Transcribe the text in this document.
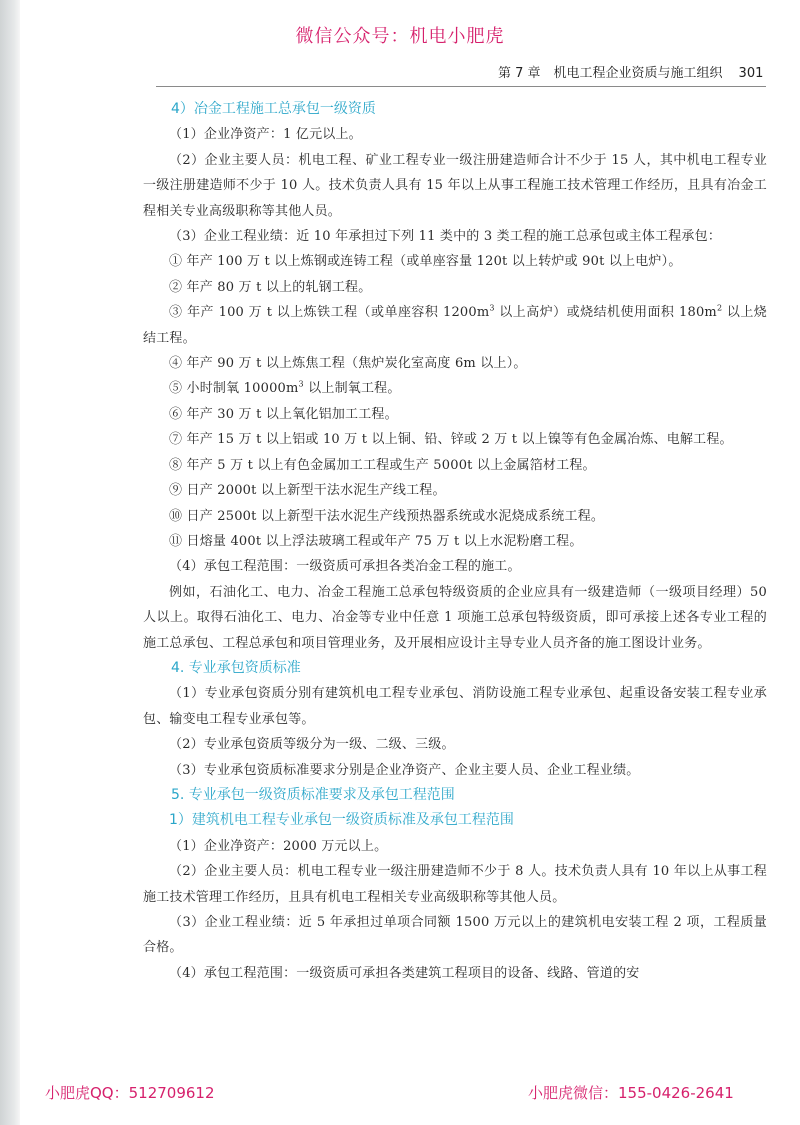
微信公众号：机电小肥虎
第 7 章　机电工程企业资质与施工组织 301

4）冶金工程施工总承包一级资质

（1）企业净资产：1 亿元以上。

（2）企业主要人员：机电工程、矿业工程专业一级注册建造师合计不少于 15 人，其中机电工程专业一级注册建造师不少于 10 人。技术负责人具有 15 年以上从事工程施工技术管理工作经历，且具有冶金工程相关专业高级职称等其他人员。

（3）企业工程业绩：近 10 年承担过下列 11 类中的 3 类工程的施工总承包或主体工程承包：

① 年产 100 万 t 以上炼钢或连铸工程（或单座容量 120t 以上转炉或 90t 以上电炉）。

② 年产 80 万 t 以上的轧钢工程。

③ 年产 100 万 t 以上炼铁工程（或单座容积 $1200m^3$ 以上高炉）或烧结机使用面积 $180m^2$ 以上烧结工程。

④ 年产 90 万 t 以上炼焦工程（焦炉炭化室高度 6m 以上）。

⑤ 小时制氧 $10000m^3$ 以上制氧工程。

⑥ 年产 30 万 t 以上氧化铝加工工程。

⑦ 年产 15 万 t 以上铝或 10 万 t 以上铜、铅、锌或 2 万 t 以上镍等有色金属冶炼、电解工程。

⑧ 年产 5 万 t 以上有色金属加工工程或生产 5000t 以上金属箔材工程。

⑨ 日产 2000t 以上新型干法水泥生产线工程。

⑩ 日产 2500t 以上新型干法水泥生产线预热器系统或水泥烧成系统工程。

⑪ 日熔量 400t 以上浮法玻璃工程或年产 75 万 t 以上水泥粉磨工程。

（4）承包工程范围：一级资质可承担各类冶金工程的施工。

例如，石油化工、电力、冶金工程施工总承包特级资质的企业应具有一级建造师（一级项目经理）50 人以上。取得石油化工、电力、冶金等专业中任意 1 项施工总承包特级资质，即可承接上述各专业工程的施工总承包、工程总承包和项目管理业务，及开展相应设计主导专业人员齐备的施工图设计业务。

4. 专业承包资质标准

（1）专业承包资质分别有建筑机电工程专业承包、消防设施工程专业承包、起重设备安装工程专业承包、输变电工程专业承包等。

（2）专业承包资质等级分为一级、二级、三级。

（3）专业承包资质标准要求分别是企业净资产、企业主要人员、企业工程业绩。

5. 专业承包一级资质标准要求及承包工程范围

1）建筑机电工程专业承包一级资质标准及承包工程范围

（1）企业净资产：2000 万元以上。

（2）企业主要人员：机电工程专业一级注册建造师不少于 8 人。技术负责人具有 10 年以上从事工程施工技术管理工作经历，且具有机电工程相关专业高级职称等其他人员。

（3）企业工程业绩：近 5 年承担过单项合同额 1500 万元以上的建筑机电安装工程 2 项，工程质量合格。

（4）承包工程范围：一级资质可承担各类建筑工程项目的设备、线路、管道的安

小肥虎QQ：512709612	小肥虎微信：155-0426-2641
